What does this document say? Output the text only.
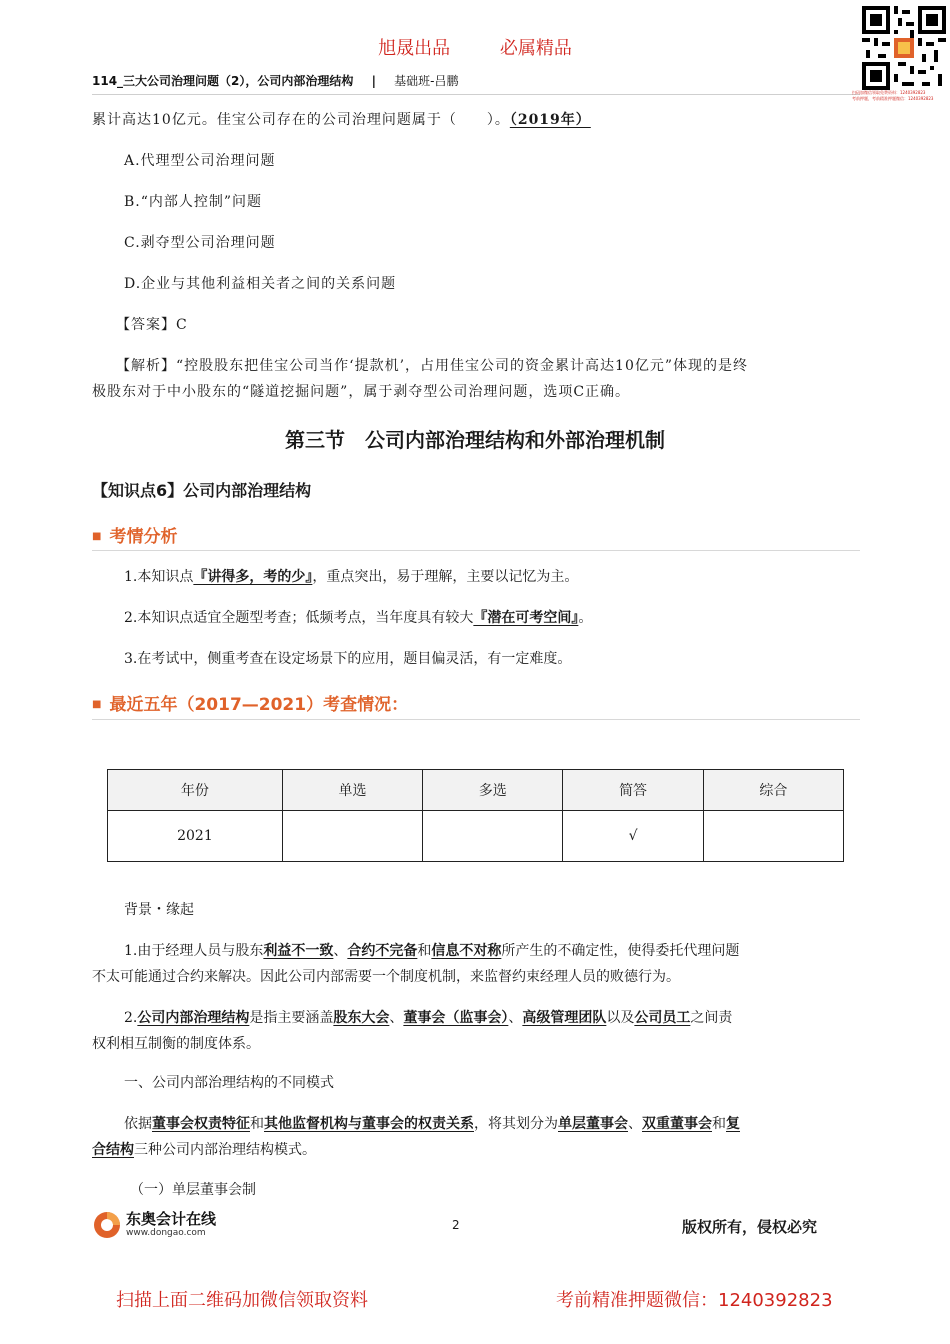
旭晟出品	必属精品
114_三大公司治理问题（2），公司内部治理结构 | 基础班-吕鹏
扫码加微信领取免费资料：1240392823
考前押题，考前精准押题微信：1240392823

累计高达10亿元。佳宝公司存在的公司治理问题属于（　　）。（2019年）

A.代理型公司治理问题

B.“内部人控制”问题

C.剥夺型公司治理问题

D.企业与其他利益相关者之间的关系问题

【答案】C

【解析】“控股股东把佳宝公司当作‘提款机’，占用佳宝公司的资金累计高达10亿元”体现的是终

极股东对于中小股东的“隧道挖掘问题”，属于剥夺型公司治理问题，选项C正确。

第三节　公司内部治理结构和外部治理机制
【知识点6】公司内部治理结构
■ 考情分析

1.本知识点『讲得多，考的少』，重点突出，易于理解，主要以记忆为主。

2.本知识点适宜全题型考查；低频考点，当年度具有较大『潜在可考空间』。

3.在考试中，侧重考查在设定场景下的应用，题目偏灵活，有一定难度。

■ 最近五年（2017—2021）考查情况：
年份	单选	多选	简答	综合
2021			√	

背景・缘起

1.由于经理人员与股东利益不一致、合约不完备和信息不对称所产生的不确定性，使得委托代理问题

不太可能通过合约来解决。因此公司内部需要一个制度机制，来监督约束经理人员的败德行为。

2.公司内部治理结构是指主要涵盖股东大会、董事会（监事会）、高级管理团队以及公司员工之间责

权利相互制衡的制度体系。

一、公司内部治理结构的不同模式

依据董事会权责特征和其他监督机构与董事会的权责关系，将其划分为单层董事会、双重董事会和复

合结构三种公司内部治理结构模式。

（一）单层董事会制

东奥会计在线
www.dongao.com
2	版权所有，侵权必究
扫描上面二维码加微信领取资料	考前精准押题微信：1240392823
